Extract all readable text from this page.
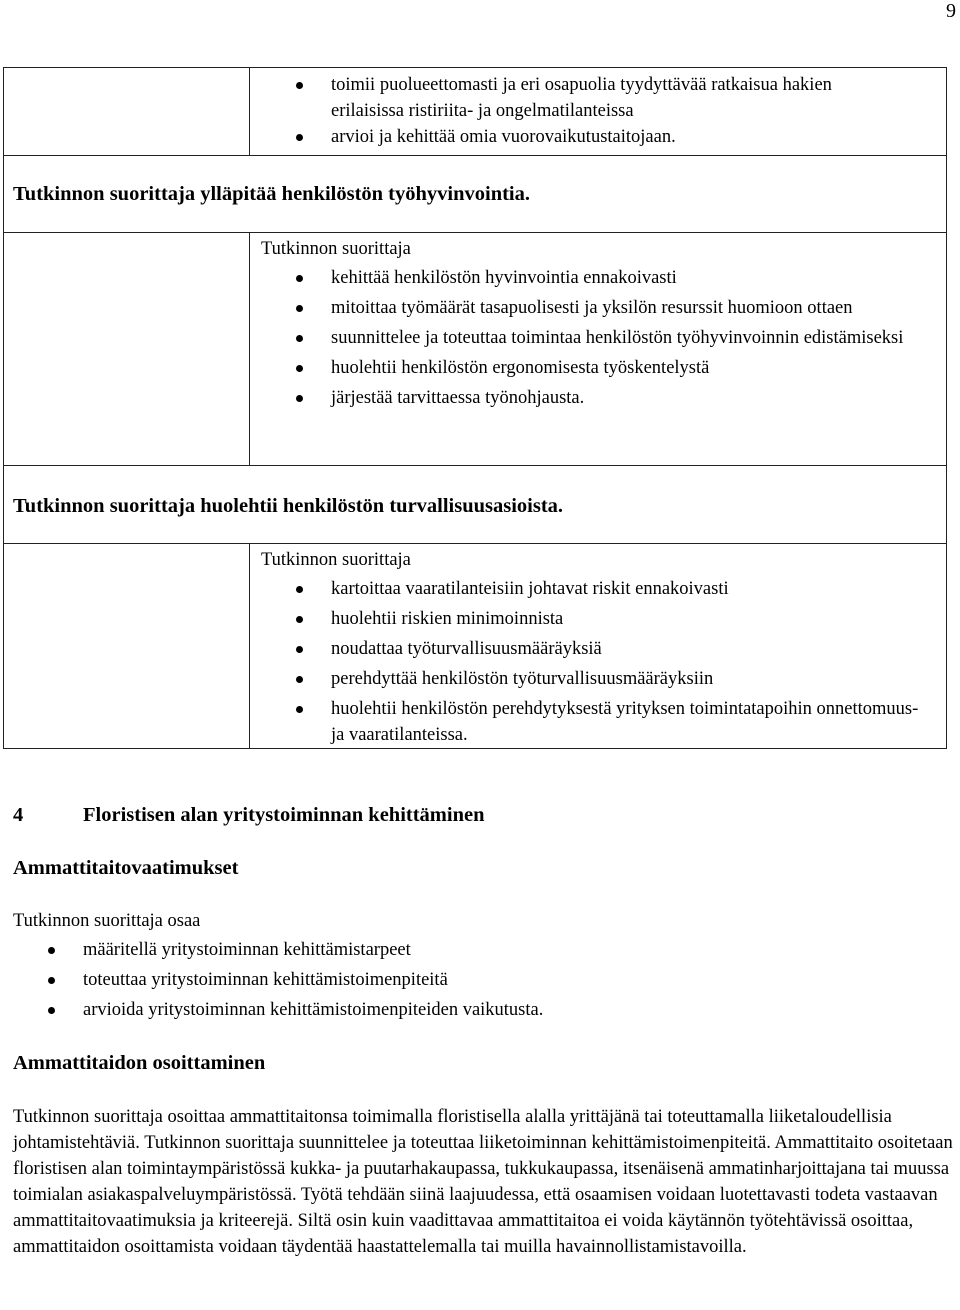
9
toimii puolueettomasti ja eri osapuolia tyydyttävää ratkaisua hakien erilaisissa ristiriita- ja ongelmatilanteissa
arvioi ja kehittää omia vuorovaikutustaitojaan.
Tutkinnon suorittaja ylläpitää henkilöstön työhyvinvointia.
Tutkinnon suorittaja
kehittää henkilöstön hyvinvointia ennakoivasti
mitoittaa työmäärät tasapuolisesti ja yksilön resurssit huomioon ottaen
suunnittelee ja toteuttaa toimintaa henkilöstön työhyvinvoinnin edistämiseksi
huolehtii henkilöstön ergonomisesta työskentelystä
järjestää tarvittaessa työnohjausta.
Tutkinnon suorittaja huolehtii henkilöstön turvallisuusasioista.
Tutkinnon suorittaja
kartoittaa vaaratilanteisiin johtavat riskit ennakoivasti
huolehtii riskien minimoinnista
noudattaa työturvallisuusmääräyksiä
perehdyttää henkilöstön työturvallisuusmääräyksiin
huolehtii henkilöstön perehdytyksestä yrityksen toimintatapoihin onnettomuus- ja vaaratilanteissa.
4	Floristisen alan yritystoiminnan kehittäminen
Ammattitaitovaatimukset
Tutkinnon suorittaja osaa
määritellä yritystoiminnan kehittämistarpeet
toteuttaa yritystoiminnan kehittämistoimenpiteitä
arvioida yritystoiminnan kehittämistoimenpiteiden vaikutusta.
Ammattitaidon osoittaminen
Tutkinnon suorittaja osoittaa ammattitaitonsa toimimalla floristisella alalla yrittäjänä tai toteuttamalla liiketaloudellisia johtamistehtäviä. Tutkinnon suorittaja suunnittelee ja toteuttaa liiketoiminnan kehittämistoimenpiteitä. Ammattitaito osoitetaan floristisen alan toimintaympäristössä kukka- ja puutarhakaupassa, tukkukaupassa, itsenäisenä ammatinharjoittajana tai muussa toimialan asiakaspalveluympäristössä. Työtä tehdään siinä laajuudessa, että osaamisen voidaan luotettavasti todeta vastaavan ammattitaitovaatimuksia ja kriteerejä. Siltä osin kuin vaadittavaa ammattitaitoa ei voida käytännön työtehtävissä osoittaa, ammattitaidon osoittamista voidaan täydentää haastattelemalla tai muilla havainnollistamistavoilla.
